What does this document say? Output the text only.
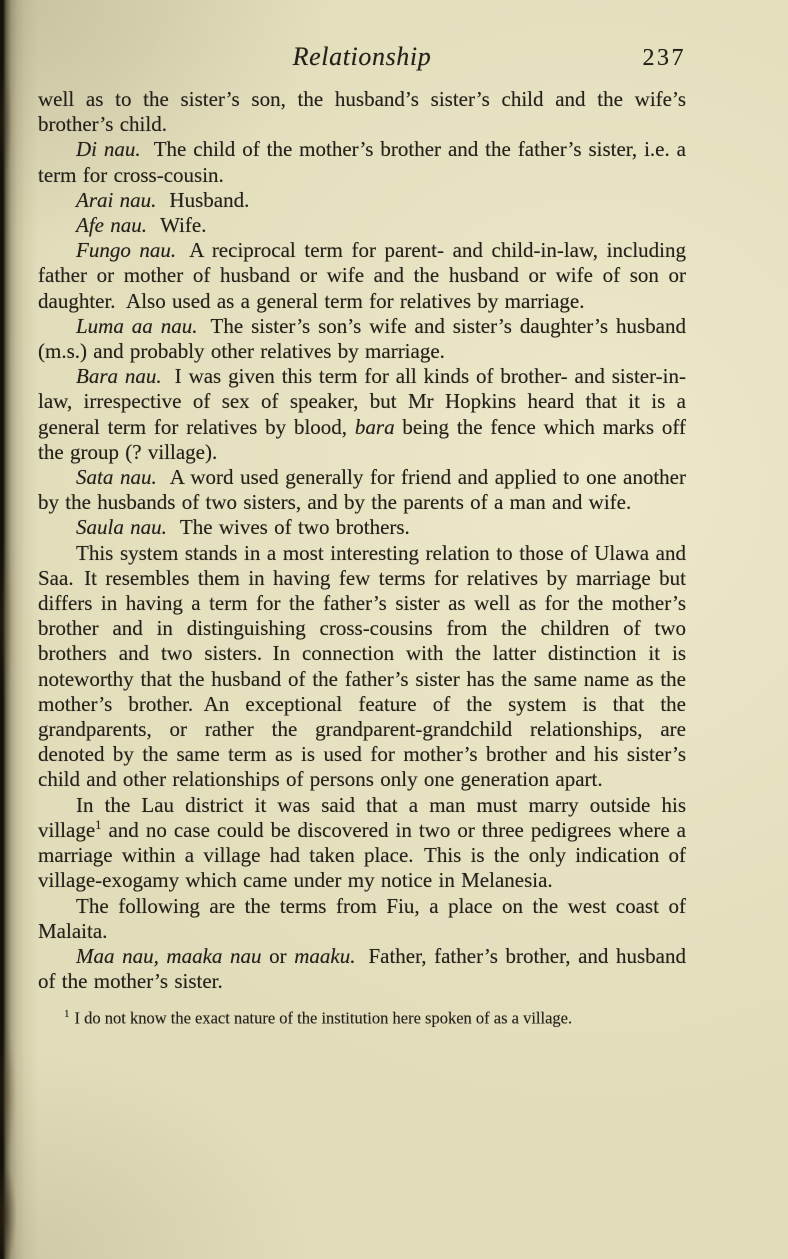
Relationship	237

well as to the sister’s son, the husband’s sister’s child and the wife’s brother’s child.

Di nau. The child of the mother’s brother and the father’s sister, i.e. a term for cross-cousin.

Arai nau. Husband.

Afe nau. Wife.

Fungo nau. A reciprocal term for parent- and child-in-law, including father or mother of husband or wife and the husband or wife of son or daughter. Also used as a general term for relatives by marriage.

Luma aa nau. The sister’s son’s wife and sister’s daughter’s husband (m.s.) and probably other relatives by marriage.

Bara nau. I was given this term for all kinds of brother- and sister-in-law, irrespective of sex of speaker, but Mr Hopkins heard that it is a general term for relatives by blood, bara being the fence which marks off the group (? village).

Sata nau. A word used generally for friend and applied to one another by the husbands of two sisters, and by the parents of a man and wife.

Saula nau. The wives of two brothers.

This system stands in a most interesting relation to those of Ulawa and Saa. It resembles them in having few terms for relatives by marriage but differs in having a term for the father’s sister as well as for the mother’s brother and in distinguishing cross-cousins from the children of two brothers and two sisters. In connection with the latter distinction it is noteworthy that the husband of the father’s sister has the same name as the mother’s brother. An exceptional feature of the system is that the grandparents, or rather the grandparent-grandchild relationships, are denoted by the same term as is used for mother’s brother and his sister’s child and other relationships of persons only one generation apart.

In the Lau district it was said that a man must marry outside his village$^1$ and no case could be discovered in two or three pedigrees where a marriage within a village had taken place. This is the only indication of village-exogamy which came under my notice in Melanesia.

The following are the terms from Fiu, a place on the west coast of Malaita.

Maa nau, maaka nau or maaku. Father, father’s brother, and husband of the mother’s sister.

$^1$ I do not know the exact nature of the institution here spoken of as a village.
